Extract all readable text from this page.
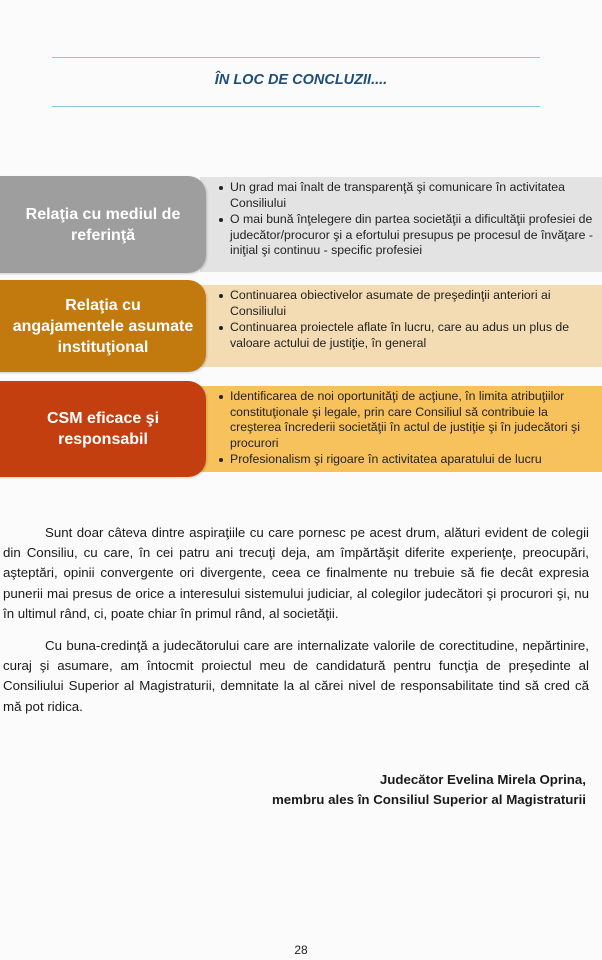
ÎN LOC DE CONCLUZII....
Un grad mai înalt de transparenţă şi comunicare în activitatea Consiliului
O mai bună înţelegere din partea societăţii a dificultăţii profesiei de judecător/procuror şi a efortului presupus pe procesul de învăţare - iniţial şi continuu - specific profesiei
Relaţia cu mediul de referinţă
Continuarea obiectivelor asumate de preşedinţii anteriori ai Consiliului
Continuarea proiectele aflate în lucru, care au adus un plus de valoare actului de justiţie, în general
Relaţia cu angajamentele asumate instituţional
Identificarea de noi oportunităţi de acţiune, în limita atribuţiilor constituţionale şi legale, prin care Consiliul să contribuie la creşterea încrederii societăţii în actul de justiţie şi în judecători şi procurori
Profesionalism şi rigoare în activitatea aparatului de lucru
CSM eficace şi responsabil

Sunt doar câteva dintre aspiraţiile cu care pornesc pe acest drum, alături evident de colegii din Consiliu, cu care, în cei patru ani trecuţi deja, am împărtăşit diferite experienţe, preocupări, aşteptări, opinii convergente ori divergente, ceea ce finalmente nu trebuie să fie decât expresia punerii mai presus de orice a interesului sistemului judiciar, al colegilor judecători şi procurori şi, nu în ultimul rând, ci, poate chiar în primul rând, al societăţii.

Cu buna-credinţă a judecătorului care are internalizate valorile de corectitudine, nepărtinire, curaj şi asumare, am întocmit proiectul meu de candidatură pentru funcţia de preşedinte al Consiliului Superior al Magistraturii, demnitate la al cărei nivel de responsabilitate tind să cred că mă pot ridica.

Judecător Evelina Mirela Oprina,
membru ales în Consiliul Superior al Magistraturii
28
